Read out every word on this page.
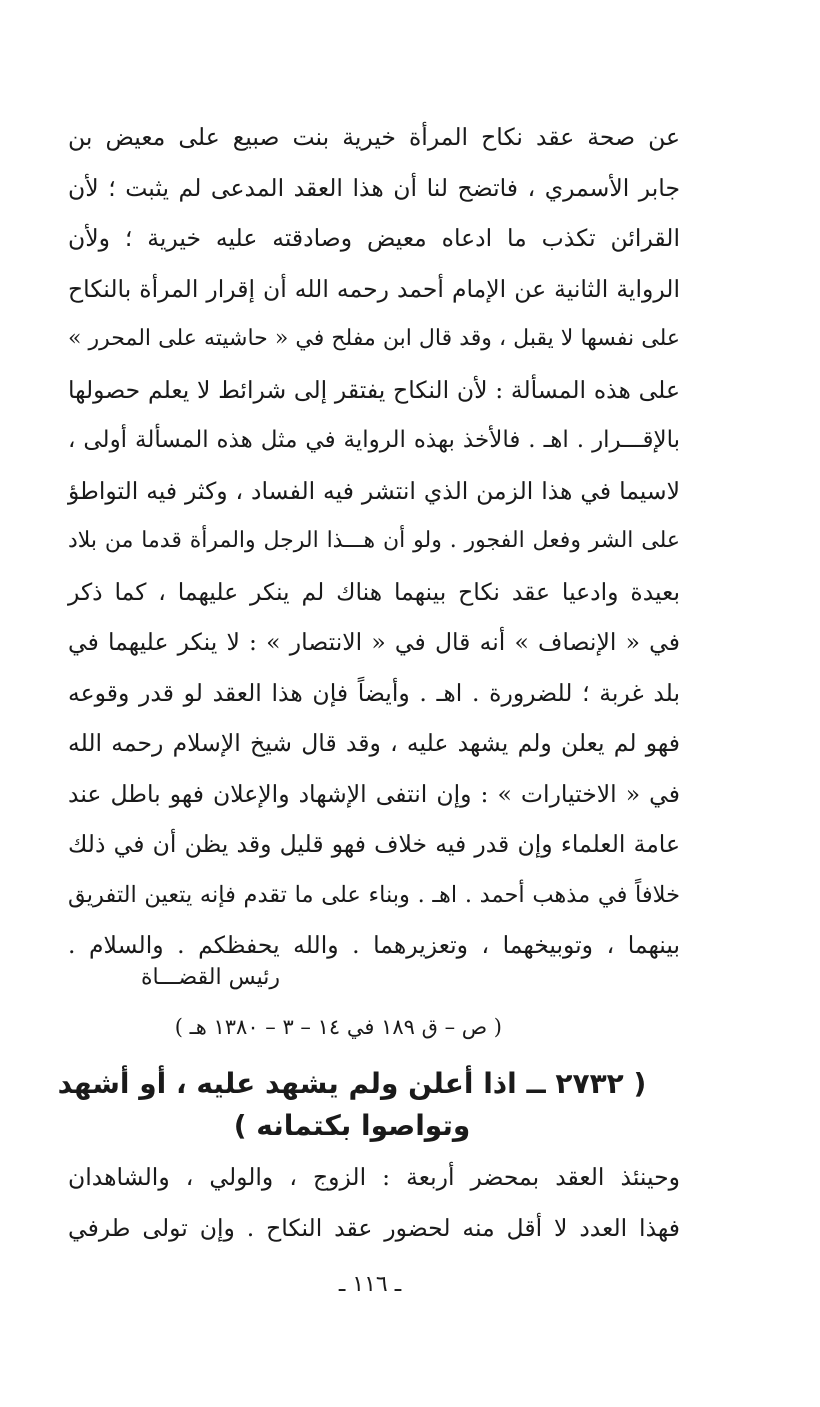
عن صحة عقد نكاح المرأة خيرية بنت صبيع على معيض بن
جابر الأسمري ، فاتضح لنا أن هذا العقد المدعى لم يثبت ؛ لأن
القرائن تكذب ما ادعاه معيض وصادقته عليه خيرية ؛ ولأن
الرواية الثانية عن الإمام أحمد رحمه الله أن إقرار المرأة بالنكاح
على نفسها لا يقبل ، وقد قال ابن مفلح في « حاشيته على المحرر »
على هذه المسألة : لأن النكاح يفتقر إلى شرائط لا يعلم حصولها
بالإقـــرار . اهـ . فالأخذ بهذه الرواية في مثل هذه المسألة أولى ،
لاسيما في هذا الزمن الذي انتشر فيه الفساد ، وكثر فيه التواطؤ
على الشر وفعل الفجور . ولو أن هـــذا الرجل والمرأة قدما من بلاد
بعيدة وادعيا عقد نكاح بينهما هناك لم ينكر عليهما ، كما ذكر
في « الإنصاف » أنه قال في « الانتصار » : لا ينكر عليهما في
بلد غربة ؛ للضرورة . اهـ . وأيضاً فإن هذا العقد لو قدر وقوعه
فهو لم يعلن ولم يشهد عليه ، وقد قال شيخ الإسلام رحمه الله
في « الاختيارات » : وإن انتفى الإشهاد والإعلان فهو باطل عند
عامة العلماء وإن قدر فيه خلاف فهو قليل وقد يظن أن في ذلك
خلافاً في مذهب أحمد . اهـ . وبناء على ما تقدم فإنه يتعين التفريق
بينهما ، وتوبيخهما ، وتعزيرهما . والله يحفظكم . والسلام .
رئيس القضـــاة
( ص – ق ١٨٩ في ١٤ – ٣ – ١٣٨٠ هـ )
( ٢٧٣٢ ــ اذا أعلن ولم يشهد عليه ، أو أشهد
وتواصوا بكتمانه )
وحينئذ العقد بمحضر أربعة : الزوج ، والولي ، والشاهدان
فهذا العدد لا أقل منه لحضور عقد النكاح . وإن تولى طرفي
ـ ١١٦ ـ
